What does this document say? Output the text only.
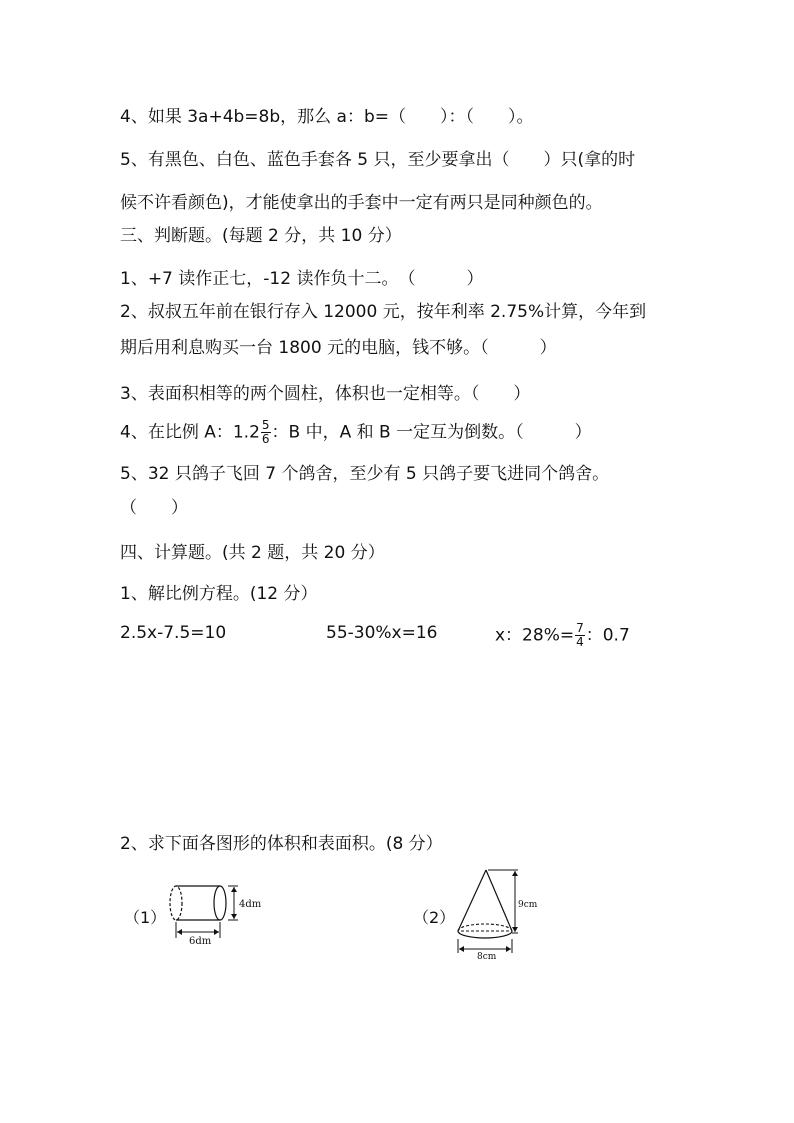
4、如果 3a+4b=8b，那么 a：b=（　　）：（　　）。
5、有黑色、白色、蓝色手套各 5 只，至少要拿出（　　）只(拿的时
候不许看颜色)，才能使拿出的手套中一定有两只是同种颜色的。
三、判断题。(每题 2 分，共 10 分）
1、+7 读作正七，-12 读作负十二。　（　　　）
2、叔叔五年前在银行存入 12000 元，按年利率 2.75%计算，今年到
期后用利息购买一台 1800 元的电脑，钱不够。（　　　）
3、表面积相等的两个圆柱，体积也一定相等。（　　）
4、在比例 A：$1.2 \frac{5}{6}$ ：B 中，A 和 B 一定互为倒数。（　　　）
5、32 只鸽子飞回 7 个鸽舍，至少有 5 只鸽子要飞进同个鸽舍。
（　　）
四、计算题。(共 2 题，共 20 分）
1、解比例方程。(12 分）
2.5x-7.5=10	55-30%x=16	x：$28\%= \frac{7}{4}$ ：0.7
2、求下面各图形的体积和表面积。(8 分）
（1）
4dm
6dm
（2）
9cm
8cm
